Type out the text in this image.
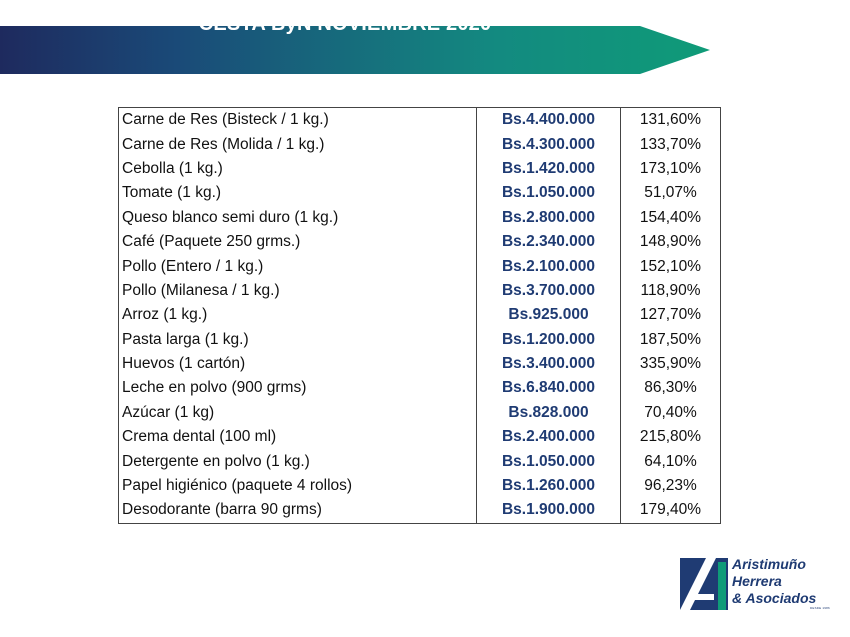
CESTA ByN NOVIEMBRE 2020
Carne de Res (Bisteck / 1 kg.)	Bs.4.400.000	131,60%
Carne de Res (Molida / 1 kg.)	Bs.4.300.000	133,70%
Cebolla (1 kg.)	Bs.1.420.000	173,10%
Tomate (1 kg.)	Bs.1.050.000	51,07%
Queso blanco semi duro (1 kg.)	Bs.2.800.000	154,40%
Café (Paquete 250 grms.)	Bs.2.340.000	148,90%
Pollo (Entero / 1 kg.)	Bs.2.100.000	152,10%
Pollo (Milanesa / 1 kg.)	Bs.3.700.000	118,90%
Arroz (1 kg.)	Bs.925.000	127,70%
Pasta larga (1 kg.)	Bs.1.200.000	187,50%
Huevos (1 cartón)	Bs.3.400.000	335,90%
Leche en polvo (900 grms)	Bs.6.840.000	86,30%
Azúcar (1 kg)	Bs.828.000	70,40%
Crema dental (100 ml)	Bs.2.400.000	215,80%
Detergente en polvo (1 kg.)	Bs.1.050.000	64,10%
Papel higiénico (paquete 4 rollos)	Bs.1.260.000	96,23%
Desodorante (barra 90 grms)	Bs.1.900.000	179,40%
Aristimuño
Herrera
& Asociados
DESDE 1986
